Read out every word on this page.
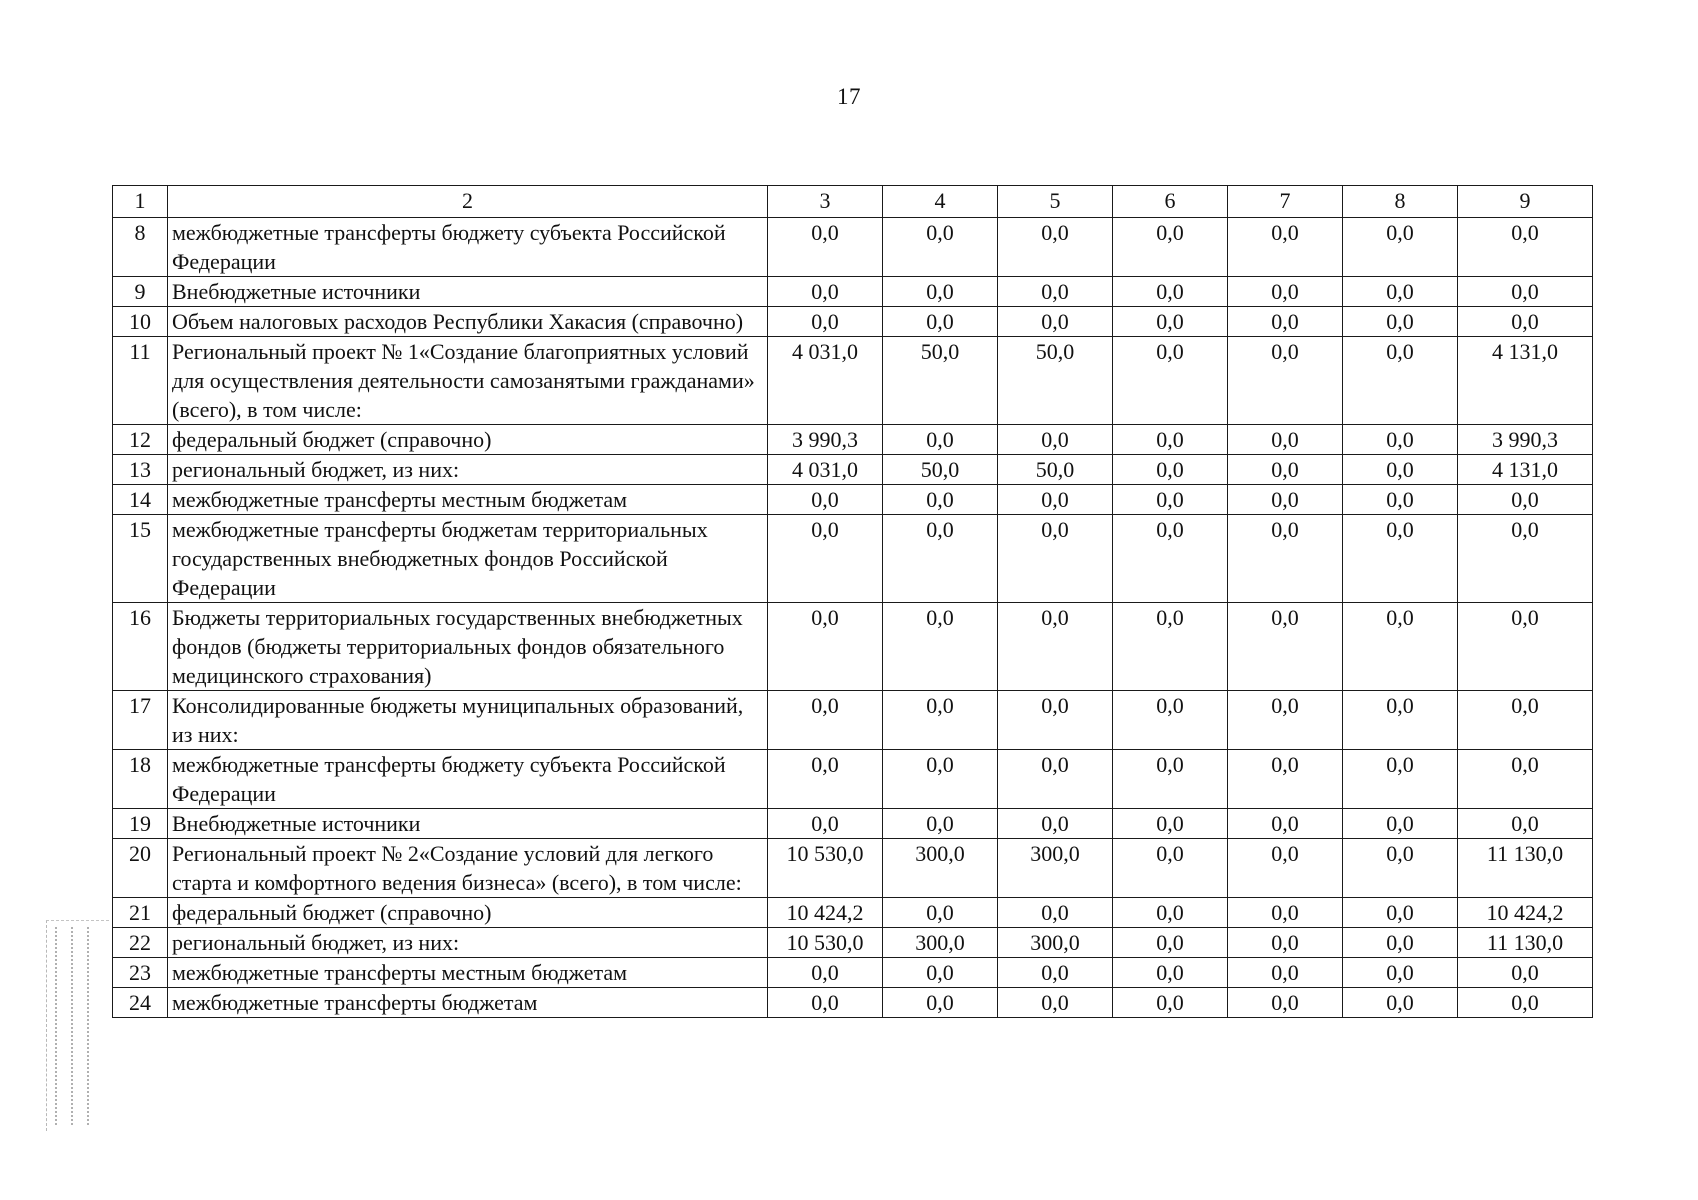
17
1	2	3	4	5	6	7	8	9
8	межбюджетные трансферты бюджету субъекта Российской Федерации	0,0	0,0	0,0	0,0	0,0	0,0	0,0
9	Внебюджетные источники	0,0	0,0	0,0	0,0	0,0	0,0	0,0
10	Объем налоговых расходов Республики Хакасия (справочно)	0,0	0,0	0,0	0,0	0,0	0,0	0,0
11	Региональный проект № 1«Создание благоприятных условий для осуществления деятельности самозанятыми гражданами» (всего), в том числе:	4 031,0	50,0	50,0	0,0	0,0	0,0	4 131,0
12	федеральный бюджет (справочно)	3 990,3	0,0	0,0	0,0	0,0	0,0	3 990,3
13	региональный бюджет, из них:	4 031,0	50,0	50,0	0,0	0,0	0,0	4 131,0
14	межбюджетные трансферты местным бюджетам	0,0	0,0	0,0	0,0	0,0	0,0	0,0
15	межбюджетные трансферты бюджетам территориальных государственных внебюджетных фондов Российской Федерации	0,0	0,0	0,0	0,0	0,0	0,0	0,0
16	Бюджеты территориальных государственных внебюджетных фондов (бюджеты территориальных фондов обязательного медицинского страхования)	0,0	0,0	0,0	0,0	0,0	0,0	0,0
17	Консолидированные бюджеты муниципальных образований, из них:	0,0	0,0	0,0	0,0	0,0	0,0	0,0
18	межбюджетные трансферты бюджету субъекта Российской Федерации	0,0	0,0	0,0	0,0	0,0	0,0	0,0
19	Внебюджетные источники	0,0	0,0	0,0	0,0	0,0	0,0	0,0
20	Региональный проект № 2«Создание условий для легкого старта и комфортного ведения бизнеса» (всего), в том числе:	10 530,0	300,0	300,0	0,0	0,0	0,0	11 130,0
21	федеральный бюджет (справочно)	10 424,2	0,0	0,0	0,0	0,0	0,0	10 424,2
22	региональный бюджет, из них:	10 530,0	300,0	300,0	0,0	0,0	0,0	11 130,0
23	межбюджетные трансферты местным бюджетам	0,0	0,0	0,0	0,0	0,0	0,0	0,0
24	межбюджетные трансферты бюджетам	0,0	0,0	0,0	0,0	0,0	0,0	0,0
